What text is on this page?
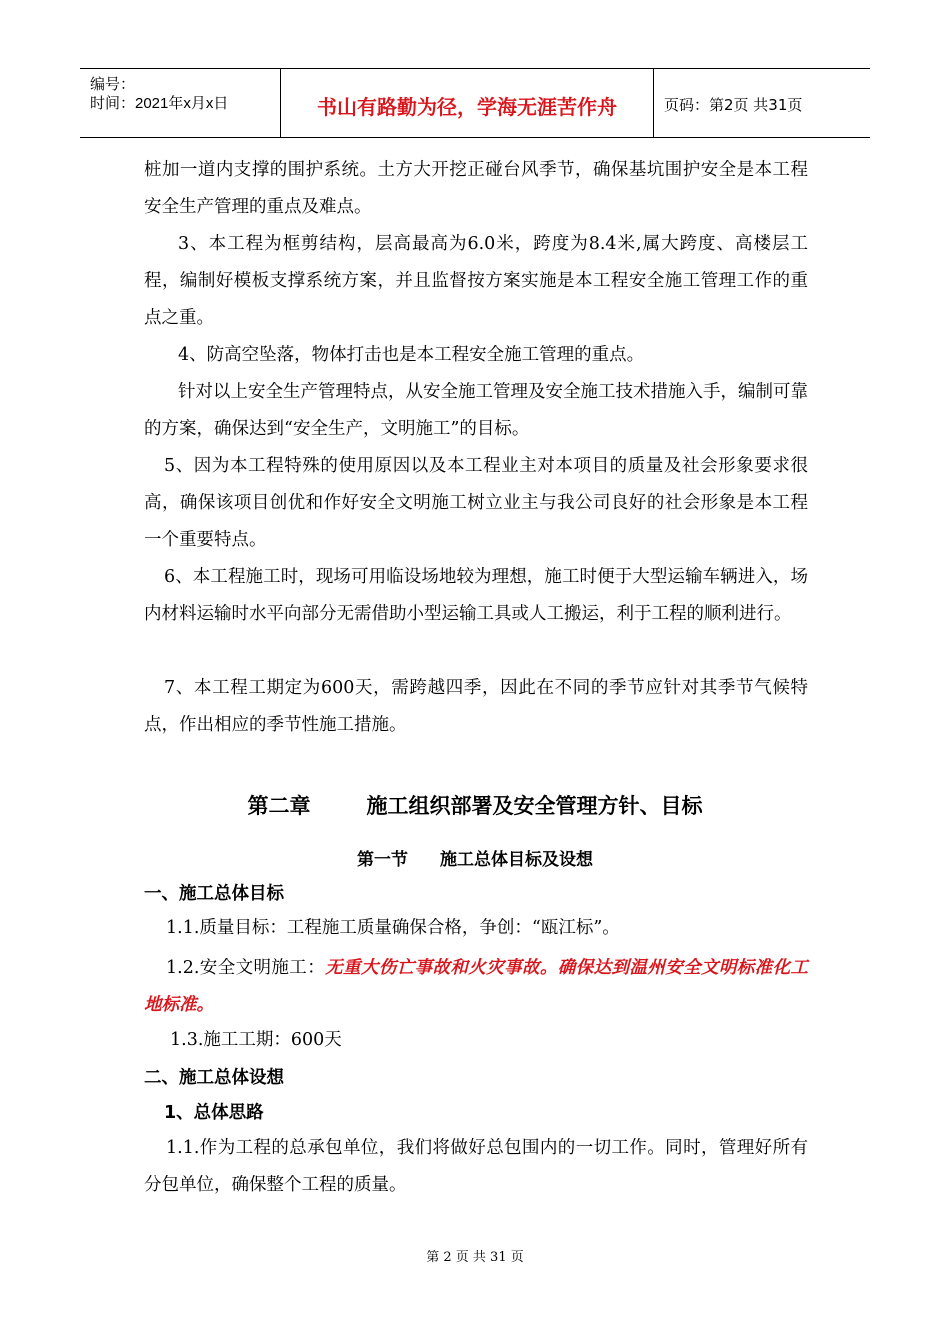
编号：
时间：2021年x月x日	书山有路勤为径，学海无涯苦作舟	页码：第2页 共31页

桩加一道内支撑的围护系统。土方大开挖正碰台风季节，确保基坑围护安全是本工程安全生产管理的重点及难点。

3、本工程为框剪结构，层高最高为6.0米，跨度为8.4米,属大跨度、高楼层工程，编制好模板支撑系统方案，并且监督按方案实施是本工程安全施工管理工作的重点之重。

4、防高空坠落，物体打击也是本工程安全施工管理的重点。

针对以上安全生产管理特点，从安全施工管理及安全施工技术措施入手，编制可靠的方案，确保达到“安全生产，文明施工”的目标。

5、因为本工程特殊的使用原因以及本工程业主对本项目的质量及社会形象要求很高，确保该项目创优和作好安全文明施工树立业主与我公司良好的社会形象是本工程一个重要特点。

6、本工程施工时，现场可用临设场地较为理想，施工时便于大型运输车辆进入，场内材料运输时水平向部分无需借助小型运输工具或人工搬运，利于工程的顺利进行。

7、本工程工期定为600天，需跨越四季，因此在不同的季节应针对其季节气候特点，作出相应的季节性施工措施。

第二章	施工组织部署及安全管理方针、目标
第一节 施工总体目标及设想
一、施工总体目标

1.1.质量目标：工程施工质量确保合格，争创：“瓯江标”。

1.2.安全文明施工：无重大伤亡事故和火灾事故。确保达到温州安全文明标准化工地标准。

1.3.施工工期：600天

二、施工总体设想
1、总体思路

1.1.作为工程的总承包单位，我们将做好总包围内的一切工作。同时，管理好所有分包单位，确保整个工程的质量。

第 2 页 共 31 页
